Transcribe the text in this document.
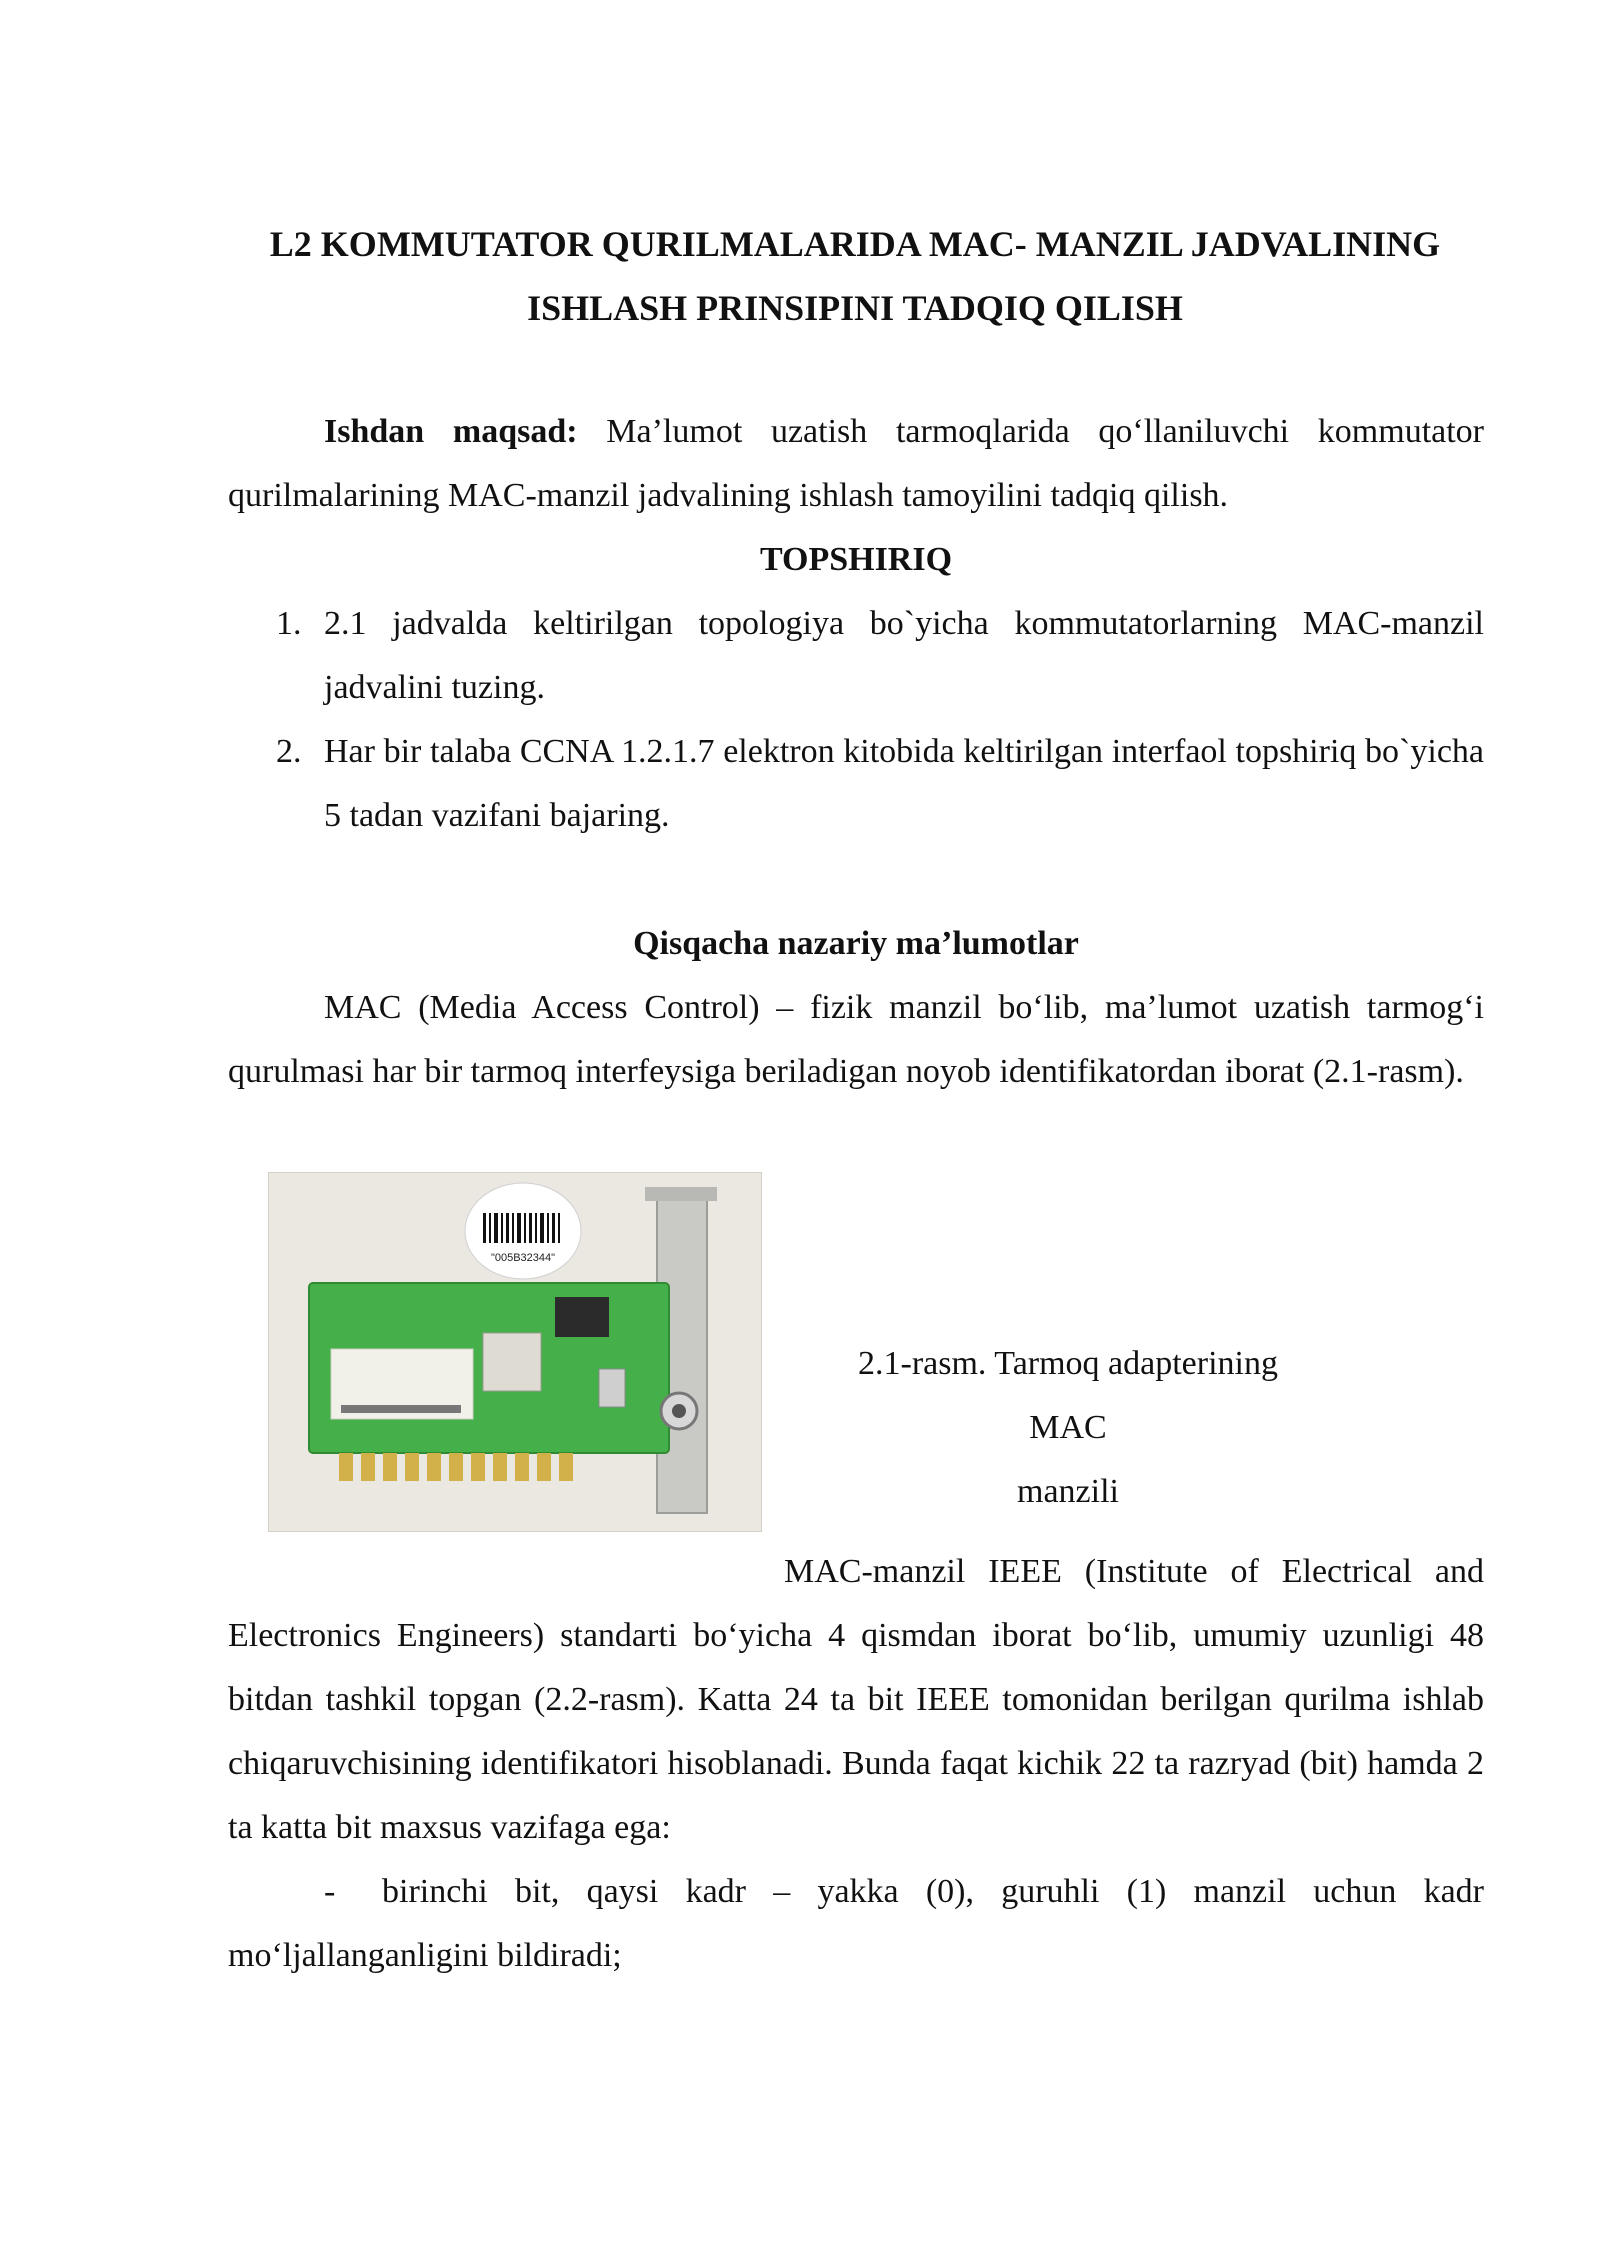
L2 KOMMUTATOR QURILMALARIDA MAC- MANZIL JADVALINING
ISHLASH PRINSIPINI TADQIQ QILISH

Ishdan maqsad: Ma’lumot uzatish tarmoqlarida qo‘llaniluvchi kommutator qurilmalarining MAC-manzil jadvalining ishlash tamoyilini tadqiq qilish.

TOPSHIRIQ

1. 2.1 jadvalda keltirilgan topologiya bo`yicha kommutatorlarning MAC-manzil jadvalini tuzing.
2. Har bir talaba CCNA 1.2.1.7 elektron kitobida keltirilgan interfaol topshiriq bo`yicha 5 tadan vazifani bajaring.

Qisqacha nazariy ma’lumotlar

MAC (Media Access Control) – fizik manzil bo‘lib, ma’lumot uzatish tarmog‘i qurulmasi har bir tarmoq interfeysiga beriladigan noyob identifikatordan iborat (2.1-rasm).

"005B32344"
2.1-rasm. Tarmoq adapterining MAC
manzili

MAC-manzil IEEE (Institute of Electrical and Electronics Engineers) standarti bo‘yicha 4 qismdan iborat bo‘lib, umumiy uzunligi 48 bitdan tashkil topgan (2.2-rasm). Katta 24 ta bit IEEE tomonidan berilgan qurilma ishlab chiqaruvchisining identifikatori hisoblanadi. Bunda faqat kichik 22 ta razryad (bit) hamda 2 ta katta bit maxsus vazifaga ega:

- birinchi bit, qaysi kadr – yakka (0), guruhli (1) manzil uchun kadr mo‘ljallanganligini bildiradi;
